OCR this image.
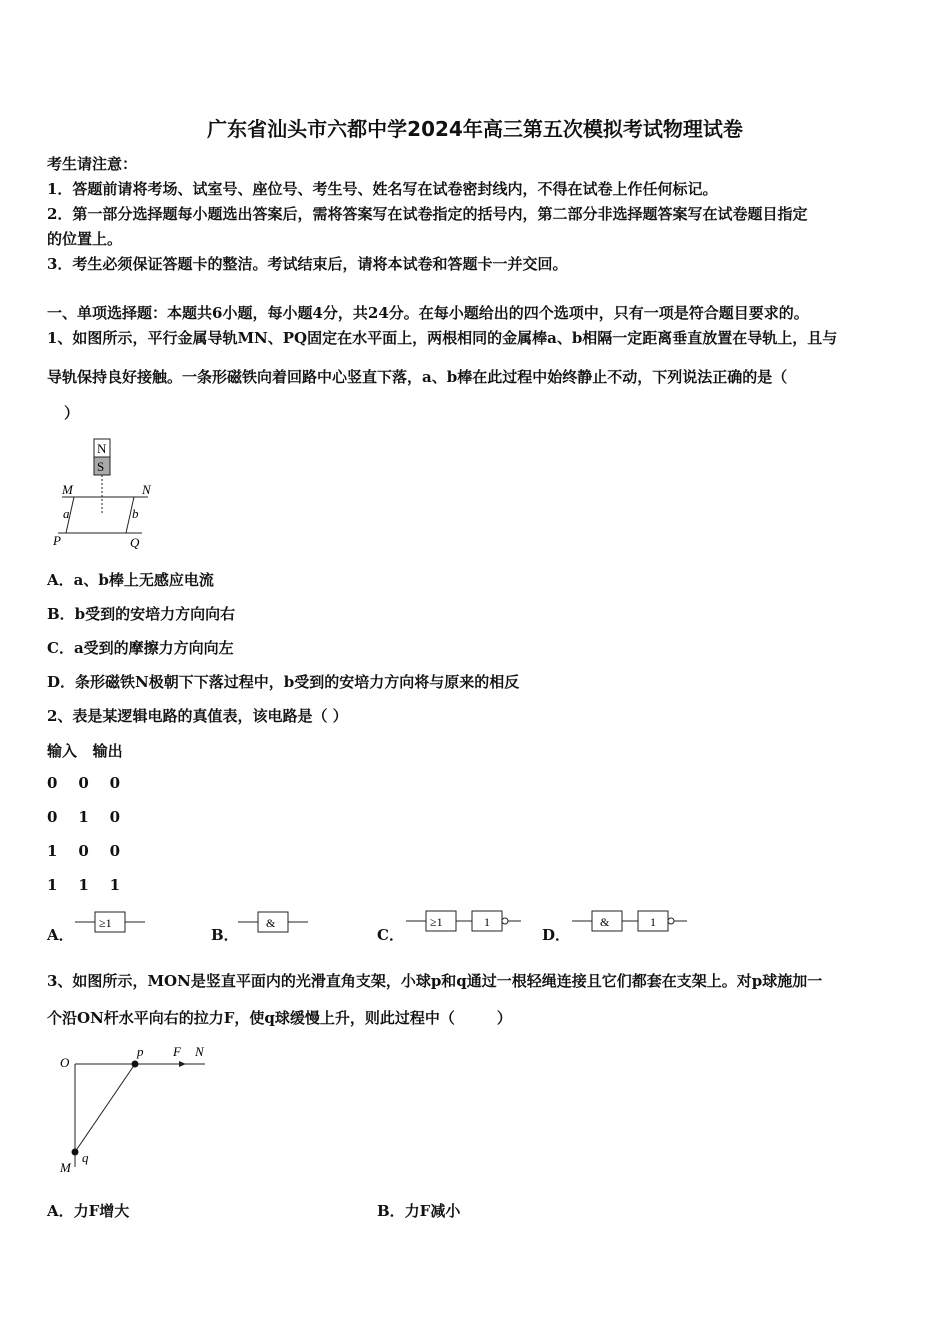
广东省汕头市六都中学2024年高三第五次模拟考试物理试卷
考生请注意：
1．答题前请将考场、试室号、座位号、考生号、姓名写在试卷密封线内，不得在试卷上作任何标记。
2．第一部分选择题每小题选出答案后，需将答案写在试卷指定的括号内，第二部分非选择题答案写在试卷题目指定
的位置上。
3．考生必须保证答题卡的整洁。考试结束后，请将本试卷和答题卡一并交回。
一、单项选择题：本题共6小题，每小题4分，共24分。在每小题给出的四个选项中，只有一项是符合题目要求的。
1、如图所示，平行金属导轨MN、PQ固定在水平面上，两根相同的金属棒a、b相隔一定距离垂直放置在导轨上，且与
导轨保持良好接触。一条形磁铁向着回路中心竖直下落，a、b棒在此过程中始终静止不动，下列说法正确的是（
）
N
S
M	N
a	b
P	Q
A．a、b棒上无感应电流
B．b受到的安培力方向向右
C．a受到的摩擦力方向向左
D．条形磁铁N极朝下下落过程中，b受到的安培力方向将与原来的相反
2、表是某逻辑电路的真值表，该电路是（ ）
输入   输出
0    0    0
0    1    0
1    0    0
1    1    1
A．
≥1
B．
&
C．
≥1	1
D．
&	1
3、如图所示，MON是竖直平面内的光滑直角支架，小球p和q通过一根轻绳连接且它们都套在支架上。对p球施加一
个沿ON杆水平向右的拉力F，使q球缓慢上升，则此过程中（        ）
O
p F N
M
q
A．力F增大	B．力F减小
